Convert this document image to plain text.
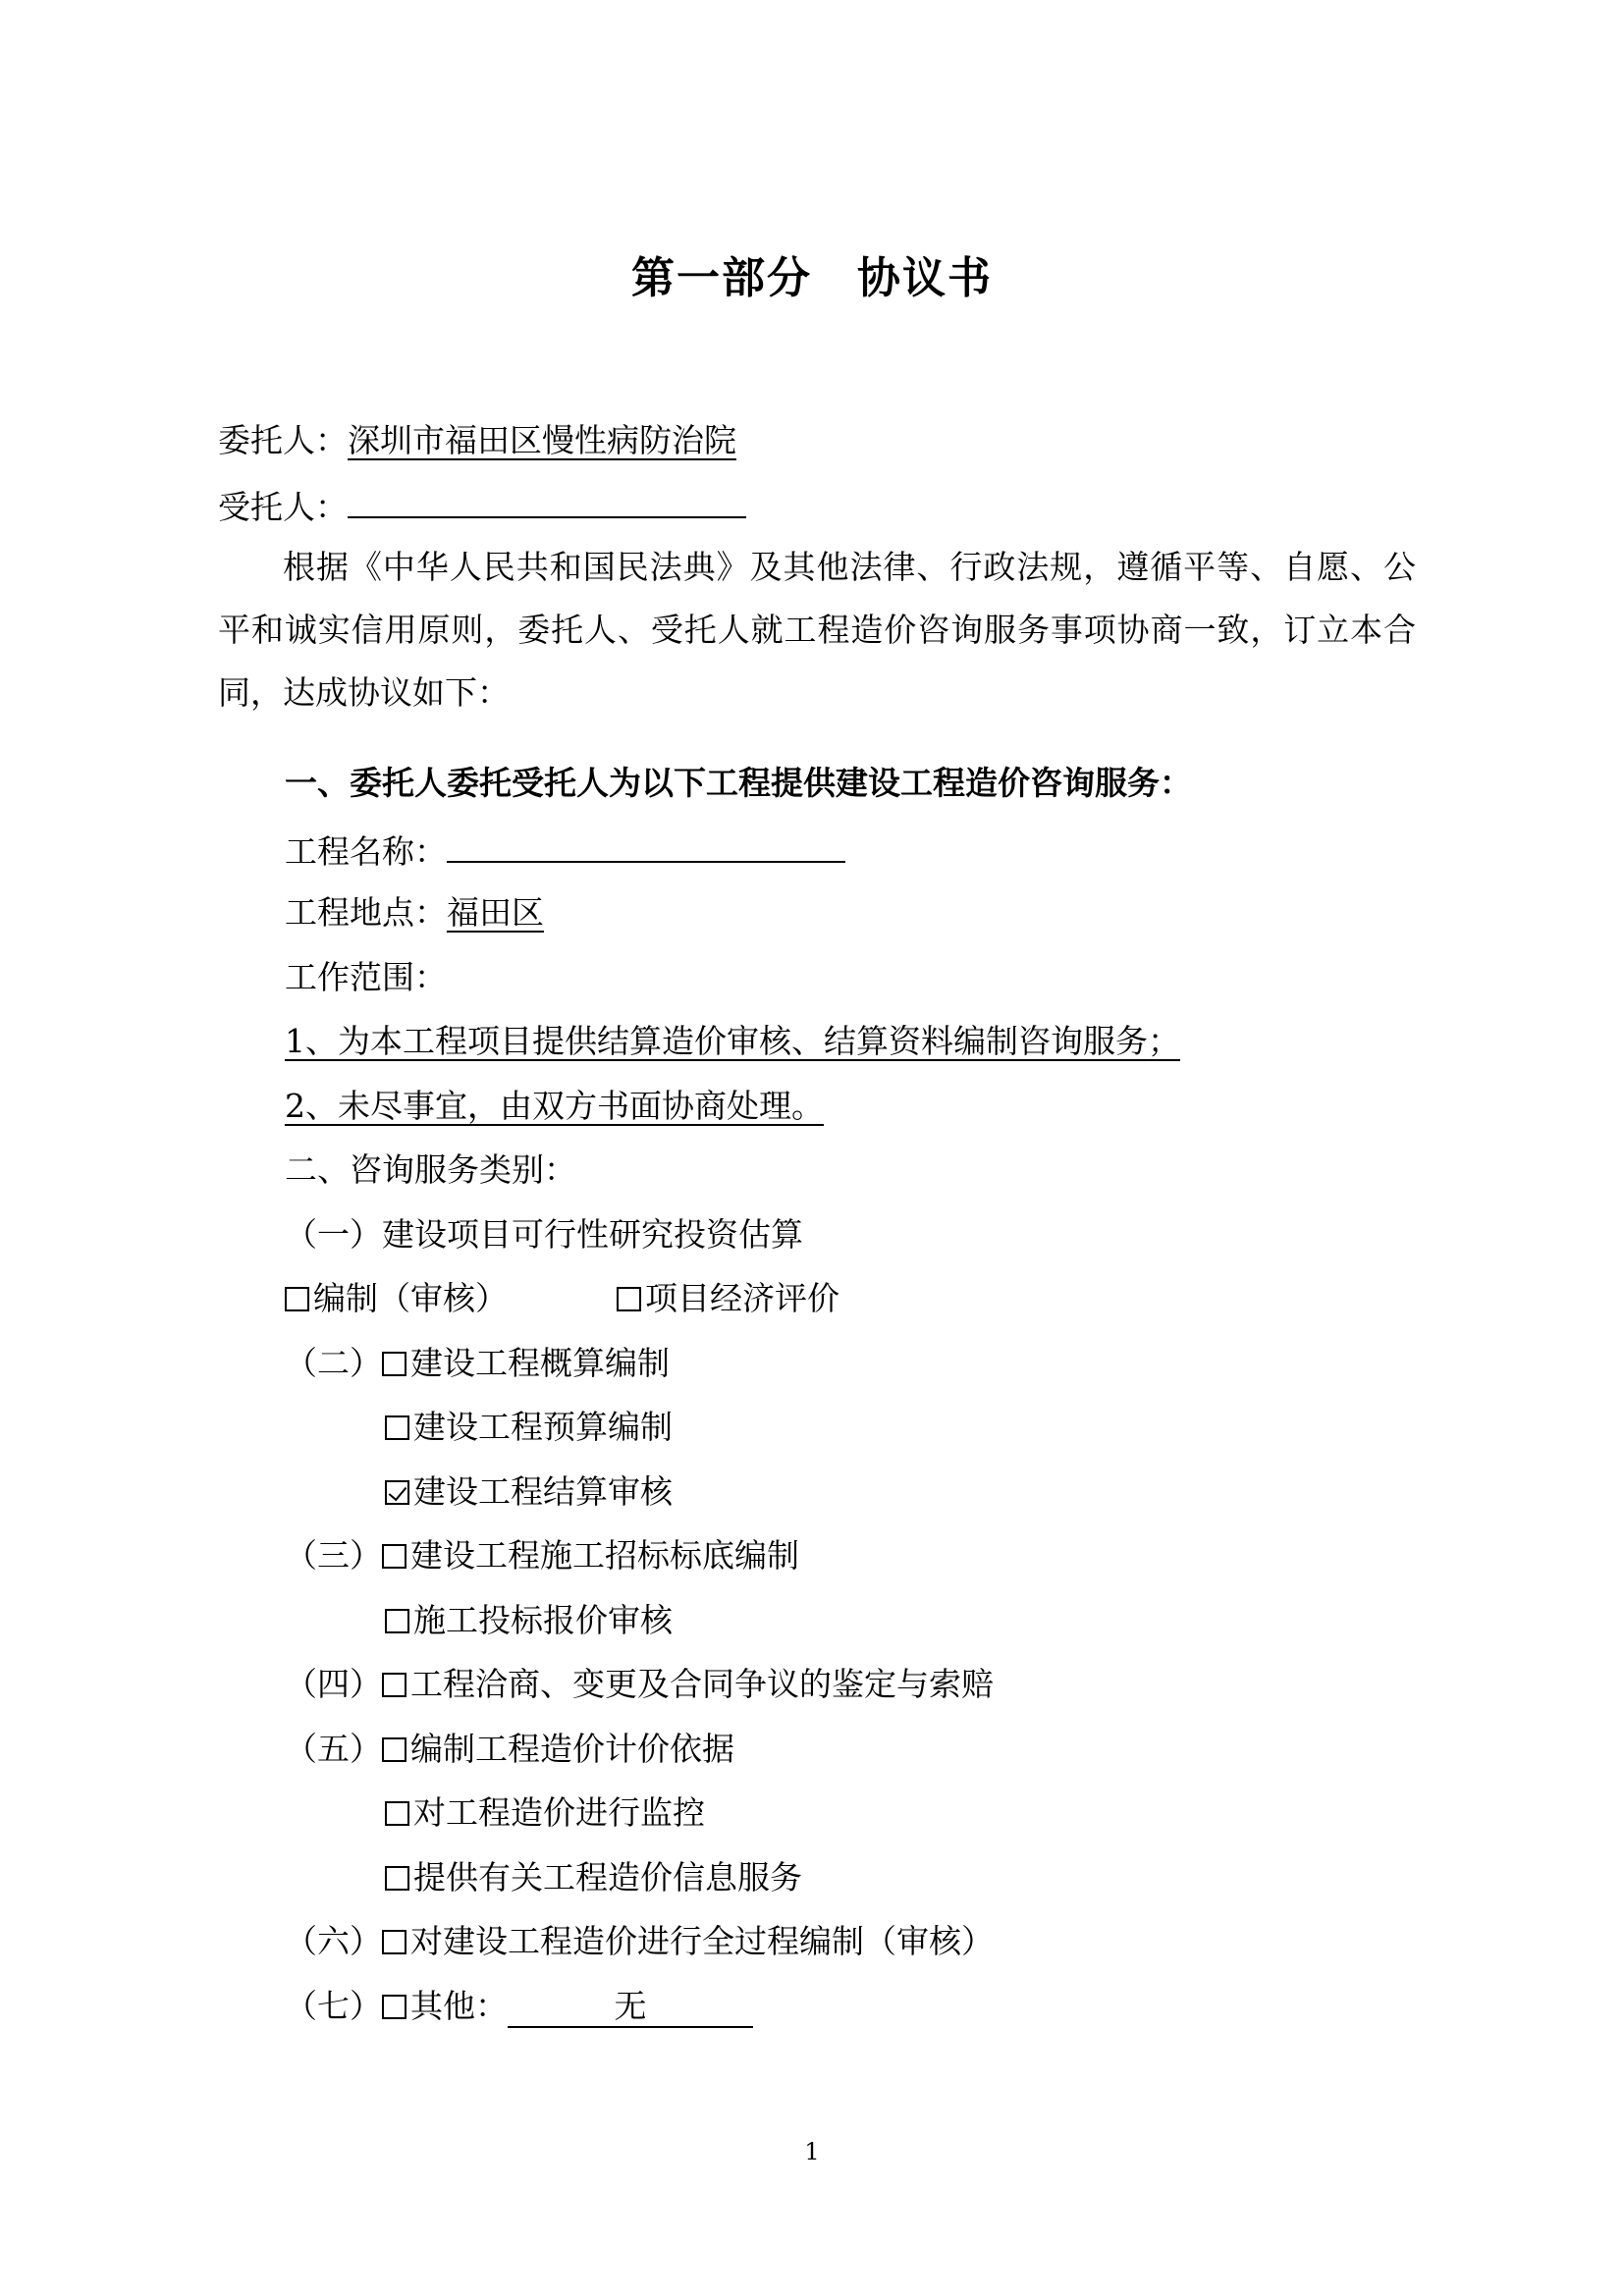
第一部分　协议书
委托人：深圳市福田区慢性病防治院
受托人：
根据《中华人民共和国民法典》及其他法律、行政法规，遵循平等、自愿、公平和诚实信用原则，委托人、受托人就工程造价咨询服务事项协商一致，订立本合同，达成协议如下：
一、委托人委托受托人为以下工程提供建设工程造价咨询服务：
工程名称：
工程地点：福田区
工作范围：
1、为本工程项目提供结算造价审核、结算资料编制咨询服务；
2、未尽事宜，由双方书面协商处理。
二、咨询服务类别：
（一）建设项目可行性研究投资估算
编制（审核）	项目经济评价
（二） 建设工程概算编制
建设工程预算编制
建设工程结算审核
（三） 建设工程施工招标标底编制
施工投标报价审核
（四） 工程洽商、变更及合同争议的鉴定与索赔
（五） 编制工程造价计价依据
对工程造价进行监控
提供有关工程造价信息服务
（六） 对建设工程造价进行全过程编制（审核）
（七） 其他：	无
1
